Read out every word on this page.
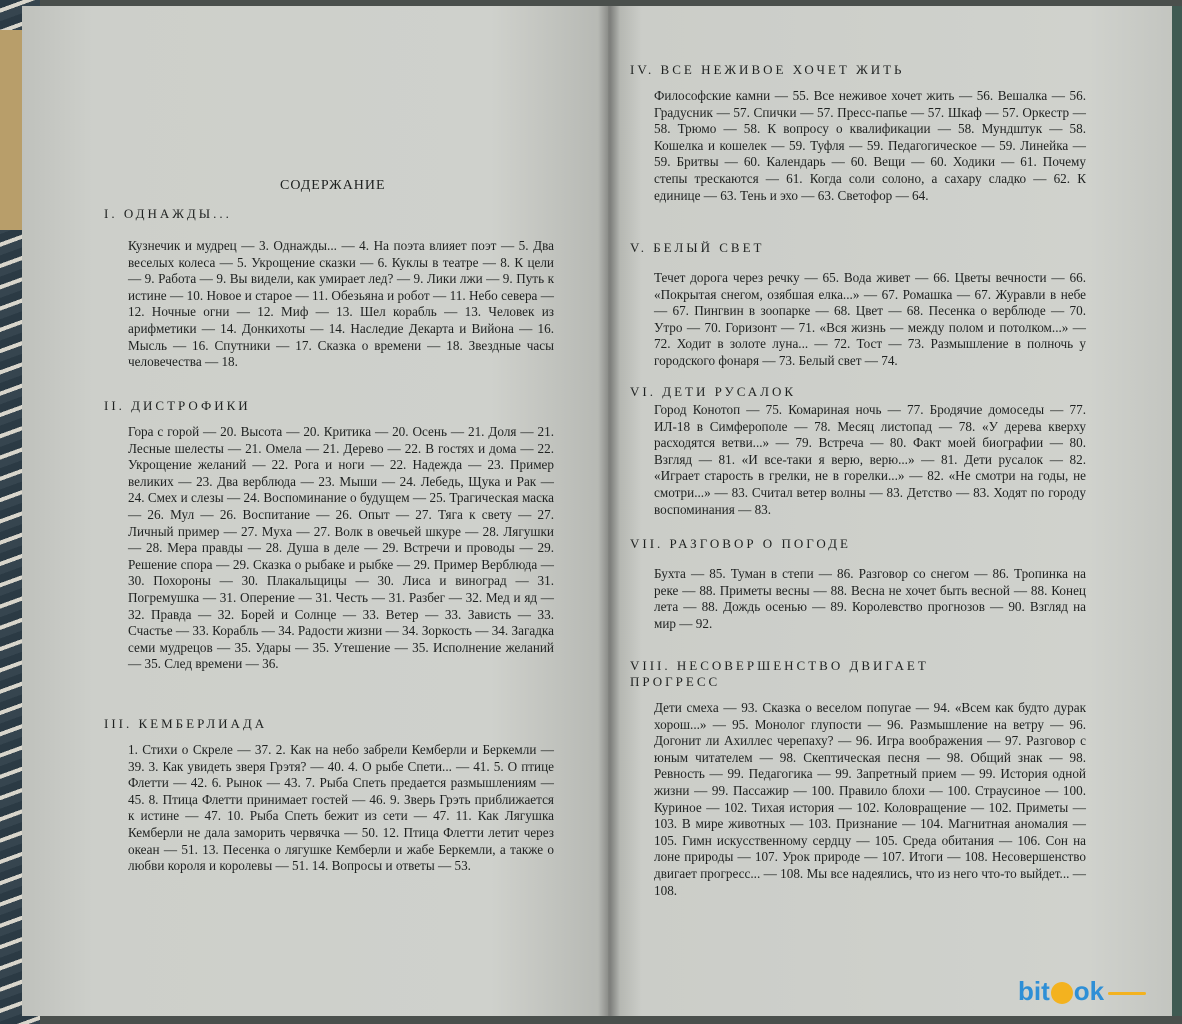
СОДЕРЖАНИЕ
I. ОДНАЖДЫ...

Кузнечик и мудрец — 3. Однажды... — 4. На поэта влияет поэт — 5. Два веселых колеса — 5. Укрощение сказки — 6. Куклы в театре — 8. К цели — 9. Работа — 9. Вы видели, как умирает лед? — 9. Лики лжи — 9. Путь к истине — 10. Новое и старое — 11. Обезьяна и робот — 11. Небо севера — 12. Ночные огни — 12. Миф — 13. Шел корабль — 13. Человек из арифметики — 14. Донкихоты — 14. Наследие Декарта и Вийона — 16. Мысль — 16. Спутники — 17. Сказка о времени — 18. Звездные часы человечества — 18.

II. ДИСТРОФИКИ

Гора с горой — 20. Высота — 20. Критика — 20. Осень — 21. Доля — 21. Лесные шелесты — 21. Омела — 21. Дерево — 22. В гостях и дома — 22. Укрощение желаний — 22. Рога и ноги — 22. Надежда — 23. Пример великих — 23. Два верблюда — 23. Мыши — 24. Лебедь, Щука и Рак — 24. Смех и слезы — 24. Воспоминание о будущем — 25. Трагическая маска — 26. Мул — 26. Воспитание — 26. Опыт — 27. Тяга к свету — 27. Личный пример — 27. Муха — 27. Волк в овечьей шкуре — 28. Лягушки — 28. Мера правды — 28. Душа в деле — 29. Встречи и проводы — 29. Решение спора — 29. Сказка о рыбаке и рыбке — 29. Пример Верблюда — 30. Похороны — 30. Плакальщицы — 30. Лиса и виноград — 31. Погремушка — 31. Оперение — 31. Честь — 31. Разбег — 32. Мед и яд — 32. Правда — 32. Борей и Солнце — 33. Ветер — 33. Зависть — 33. Счастье — 33. Корабль — 34. Радости жизни — 34. Зоркость — 34. Загадка семи мудрецов — 35. Удары — 35. Утешение — 35. Исполнение желаний — 35. След времени — 36.

III. КЕМБЕРЛИАДА

1. Стихи о Скреле — 37. 2. Как на небо забрели Кемберли и Беркемли — 39. 3. Как увидеть зверя Грэтя? — 40. 4. О рыбе Спети... — 41. 5. О птице Флетти — 42. 6. Рынок — 43. 7. Рыба Спеть предается размышлениям — 45. 8. Птица Флетти принимает гостей — 46. 9. Зверь Грэть приближается к истине — 47. 10. Рыба Спеть бежит из сети — 47. 11. Как Лягушка Кемберли не дала заморить червячка — 50. 12. Птица Флетти летит через океан — 51. 13. Песенка о лягушке Кемберли и жабе Беркемли, а также о любви короля и королевы — 51. 14. Вопросы и ответы — 53.

IV. ВСЕ НЕЖИВОЕ ХОЧЕТ ЖИТЬ

Философские камни — 55. Все неживое хочет жить — 56. Вешалка — 56. Градусник — 57. Спички — 57. Пресс-папье — 57. Шкаф — 57. Оркестр — 58. Трюмо — 58. К вопросу о квалификации — 58. Мундштук — 58. Кошелка и кошелек — 59. Туфля — 59. Педагогическое — 59. Линейка — 59. Бритвы — 60. Календарь — 60. Вещи — 60. Ходики — 61. Почему степы трескаются — 61. Когда соли солоно, а сахару сладко — 62. К единице — 63. Тень и эхо — 63. Светофор — 64.

V. БЕЛЫЙ СВЕТ

Течет дорога через речку — 65. Вода живет — 66. Цветы вечности — 66. «Покрытая снегом, озябшая елка...» — 67. Ромашка — 67. Журавли в небе — 67. Пингвин в зоопарке — 68. Цвет — 68. Песенка о верблюде — 70. Утро — 70. Горизонт — 71. «Вся жизнь — между полом и потолком...» — 72. Ходит в золоте луна... — 72. Тост — 73. Размышление в полночь у городского фонаря — 73. Белый свет — 74.

VI. ДЕТИ РУСАЛОК

Город Конотоп — 75. Комариная ночь — 77. Бродячие домоседы — 77. ИЛ-18 в Симферополе — 78. Месяц листопад — 78. «У дерева кверху расходятся ветви...» — 79. Встреча — 80. Факт моей биографии — 80. Взгляд — 81. «И все-таки я верю, верю...» — 81. Дети русалок — 82. «Играет старость в грелки, не в горелки...» — 82. «Не смотри на годы, не смотри...» — 83. Считал ветер волны — 83. Детство — 83. Ходят по городу воспоминания — 83.

VII. РАЗГОВОР О ПОГОДЕ

Бухта — 85. Туман в степи — 86. Разговор со снегом — 86. Тропинка на реке — 88. Приметы весны — 88. Весна не хочет быть весной — 88. Конец лета — 88. Дождь осенью — 89. Королевство прогнозов — 90. Взгляд на мир — 92.

VIII. НЕСОВЕРШЕНСТВО ДВИГАЕТ ПРОГРЕСС

Дети смеха — 93. Сказка о веселом попугае — 94. «Всем как будто дурак хорош...» — 95. Монолог глупости — 96. Размышление на ветру — 96. Догонит ли Ахиллес черепаху? — 96. Игра воображения — 97. Разговор с юным читателем — 98. Скептическая песня — 98. Общий знак — 98. Ревность — 99. Педагогика — 99. Запретный прием — 99. История одной жизни — 99. Пассажир — 100. Правило блохи — 100. Страусиное — 100. Куриное — 102. Тихая история — 102. Коловращение — 102. Приметы — 103. В мире животных — 103. Признание — 104. Магнитная аномалия — 105. Гимн искусственному сердцу — 105. Среда обитания — 106. Сон на лоне природы — 107. Урок природе — 107. Итоги — 108. Несовершенство двигает прогресс... — 108. Мы все надеялись, что из него что-то выйдет... — 108.

bit ok
